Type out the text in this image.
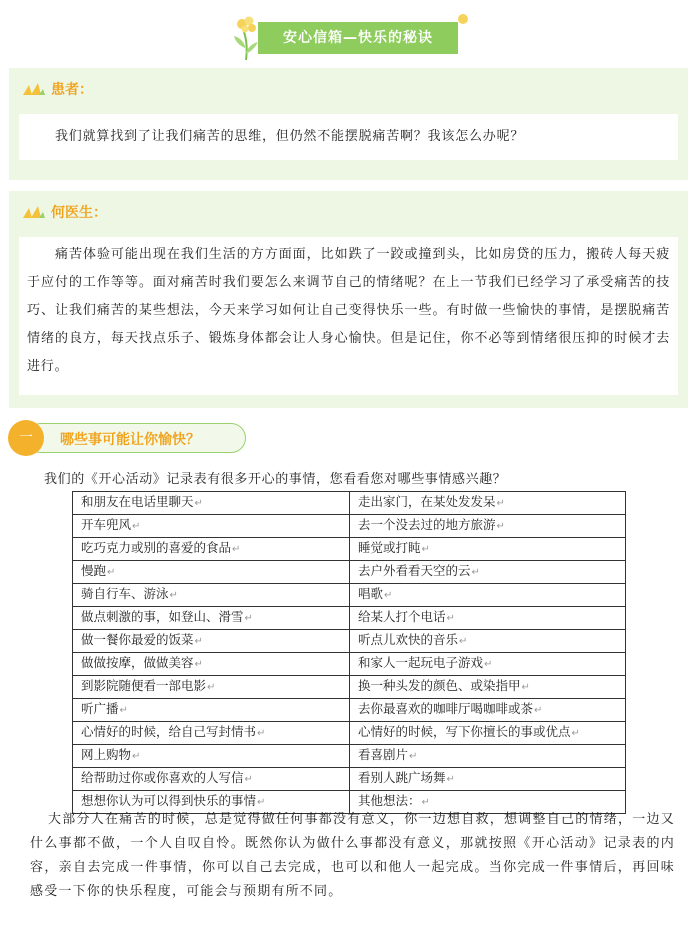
安心信箱—快乐的秘诀
患者：
我们就算找到了让我们痛苦的思维，但仍然不能摆脱痛苦啊？我该怎么办呢？
何医生：
痛苦体验可能出现在我们生活的方方面面，比如跌了一跤或撞到头，比如房贷的压力，搬砖人每天疲于应付的工作等等。面对痛苦时我们要怎么来调节自己的情绪呢？在上一节我们已经学习了承受痛苦的技巧、让我们痛苦的某些想法，今天来学习如何让自己变得快乐一些。有时做一些愉快的事情，是摆脱痛苦情绪的良方，每天找点乐子、锻炼身体都会让人身心愉快。但是记住，你不必等到情绪很压抑的时候才去进行。
一	哪些事可能让你愉快？
我们的《开心活动》记录表有很多开心的事情，您看看您对哪些事情感兴趣？
和朋友在电话里聊天↵	走出家门，在某处发发呆↵
开车兜风↵	去一个没去过的地方旅游↵
吃巧克力或别的喜爱的食品↵	睡觉或打盹↵
慢跑↵	去户外看看天空的云↵
骑自行车、游泳↵	唱歌↵
做点刺激的事，如登山、滑雪↵	给某人打个电话↵
做一餐你最爱的饭菜↵	听点儿欢快的音乐↵
做做按摩，做做美容↵	和家人一起玩电子游戏↵
到影院随便看一部电影↵	换一种头发的颜色、或染指甲↵
听广播↵	去你最喜欢的咖啡厅喝咖啡或茶↵
心情好的时候，给自己写封情书↵	心情好的时候，写下你擅长的事或优点↵
网上购物↵	看喜剧片↵
给帮助过你或你喜欢的人写信↵	看别人跳广场舞↵
想想你认为可以得到快乐的事情↵	其他想法：↵
大部分人在痛苦的时候，总是觉得做任何事都没有意义，你一边想自救，想调整自己的情绪，一边又什么事都不做，一个人自叹自怜。既然你认为做什么事都没有意义，那就按照《开心活动》记录表的内容，亲自去完成一件事情，你可以自己去完成，也可以和他人一起完成。当你完成一件事情后，再回味感受一下你的快乐程度，可能会与预期有所不同。
